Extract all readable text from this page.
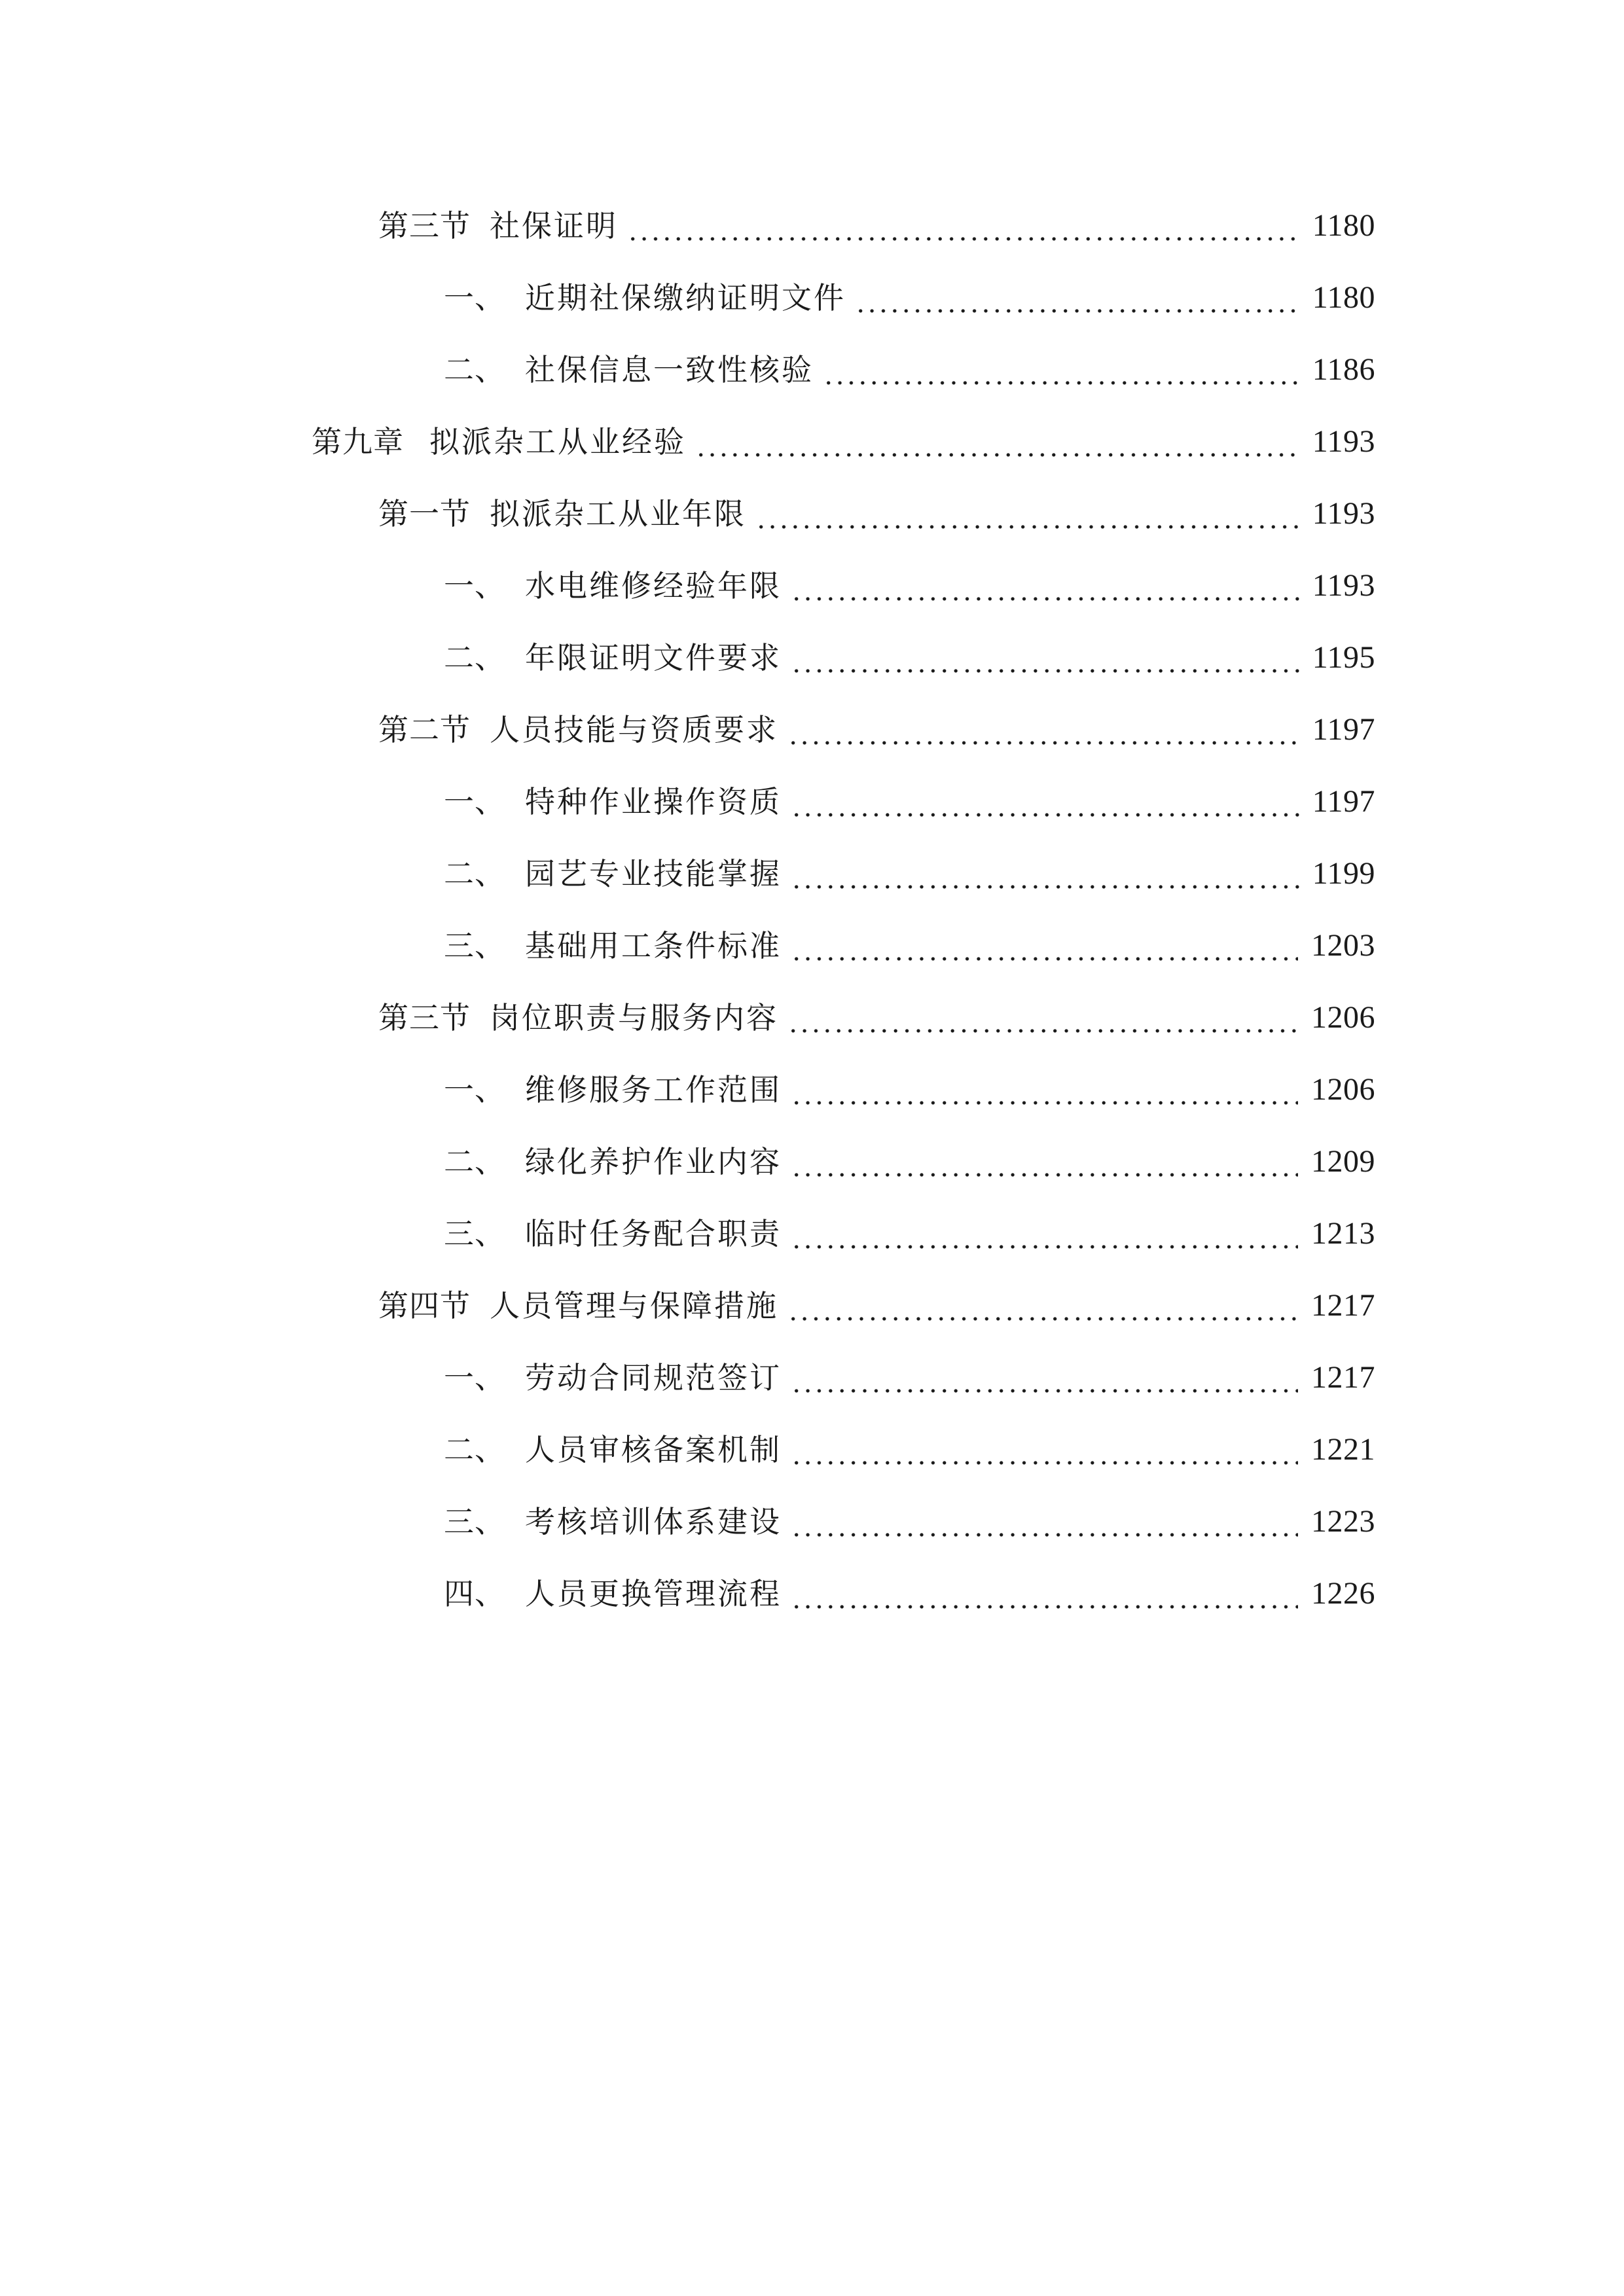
第三节 社保证明	1180
一、 近期社保缴纳证明文件	1180
二、 社保信息一致性核验	1186
第九章 拟派杂工从业经验	1193
第一节 拟派杂工从业年限	1193
一、 水电维修经验年限	1193
二、 年限证明文件要求	1195
第二节 人员技能与资质要求	1197
一、 特种作业操作资质	1197
二、 园艺专业技能掌握	1199
三、 基础用工条件标准	1203
第三节 岗位职责与服务内容	1206
一、 维修服务工作范围	1206
二、 绿化养护作业内容	1209
三、 临时任务配合职责	1213
第四节 人员管理与保障措施	1217
一、 劳动合同规范签订	1217
二、 人员审核备案机制	1221
三、 考核培训体系建设	1223
四、 人员更换管理流程	1226
